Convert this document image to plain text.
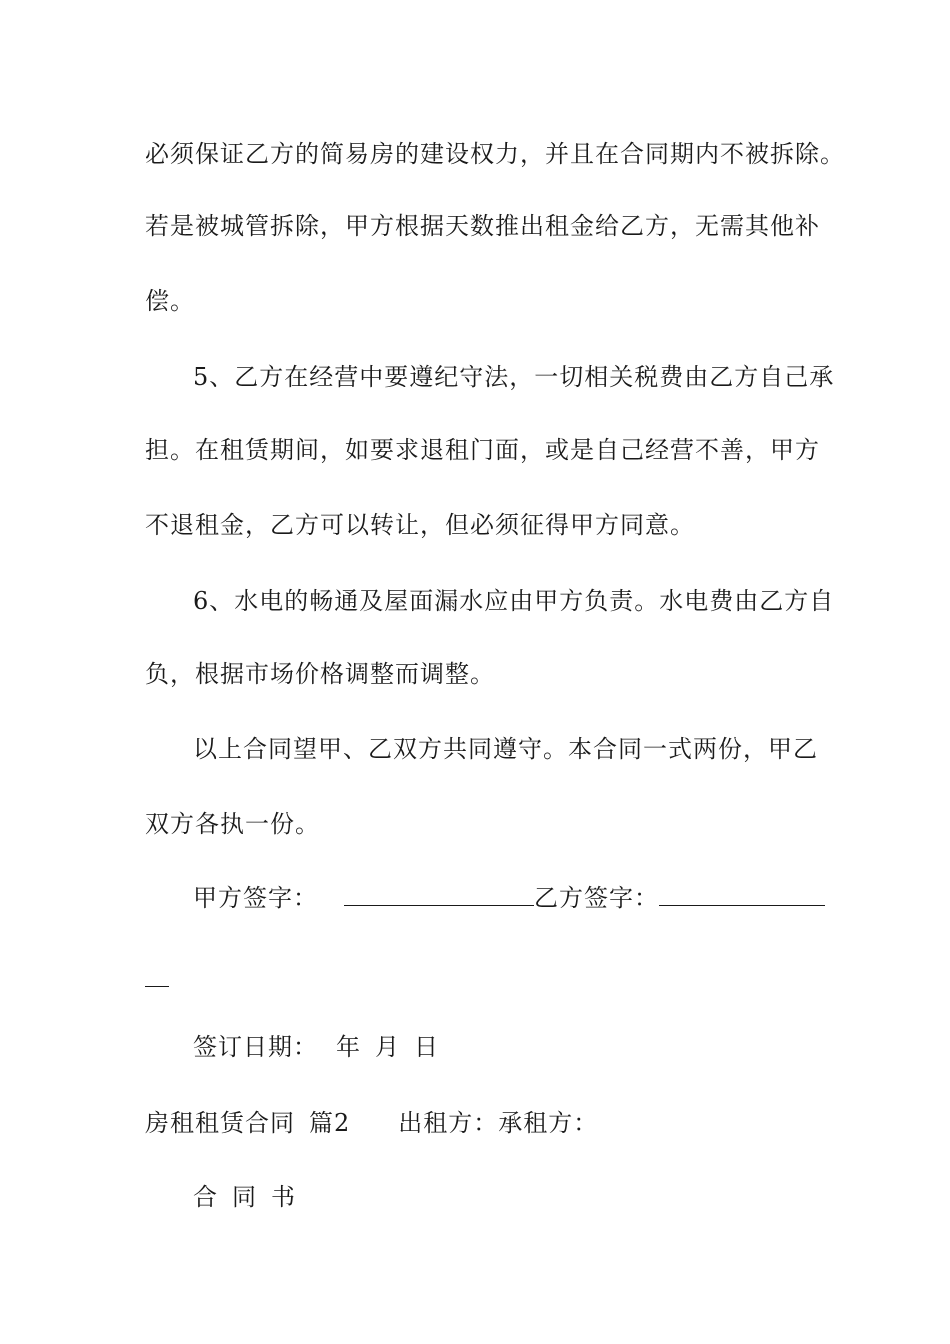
必须保证乙方的简易房的建设权力，并且在合同期内不被拆除。
若是被城管拆除，甲方根据天数推出租金给乙方，无需其他补
偿。
5、乙方在经营中要遵纪守法，一切相关税费由乙方自己承
担。在租赁期间，如要求退租门面，或是自己经营不善，甲方
不退租金，乙方可以转让，但必须征得甲方同意。
6、水电的畅通及屋面漏水应由甲方负责。水电费由乙方自
负，根据市场价格调整而调整。
以上合同望甲、乙双方共同遵守。本合同一式两份，甲乙
双方各执一份。
甲方签字：	乙方签字：
签订日期： 年 月 日
房租租赁合同 篇2 出租方：承租方：
合 同 书
